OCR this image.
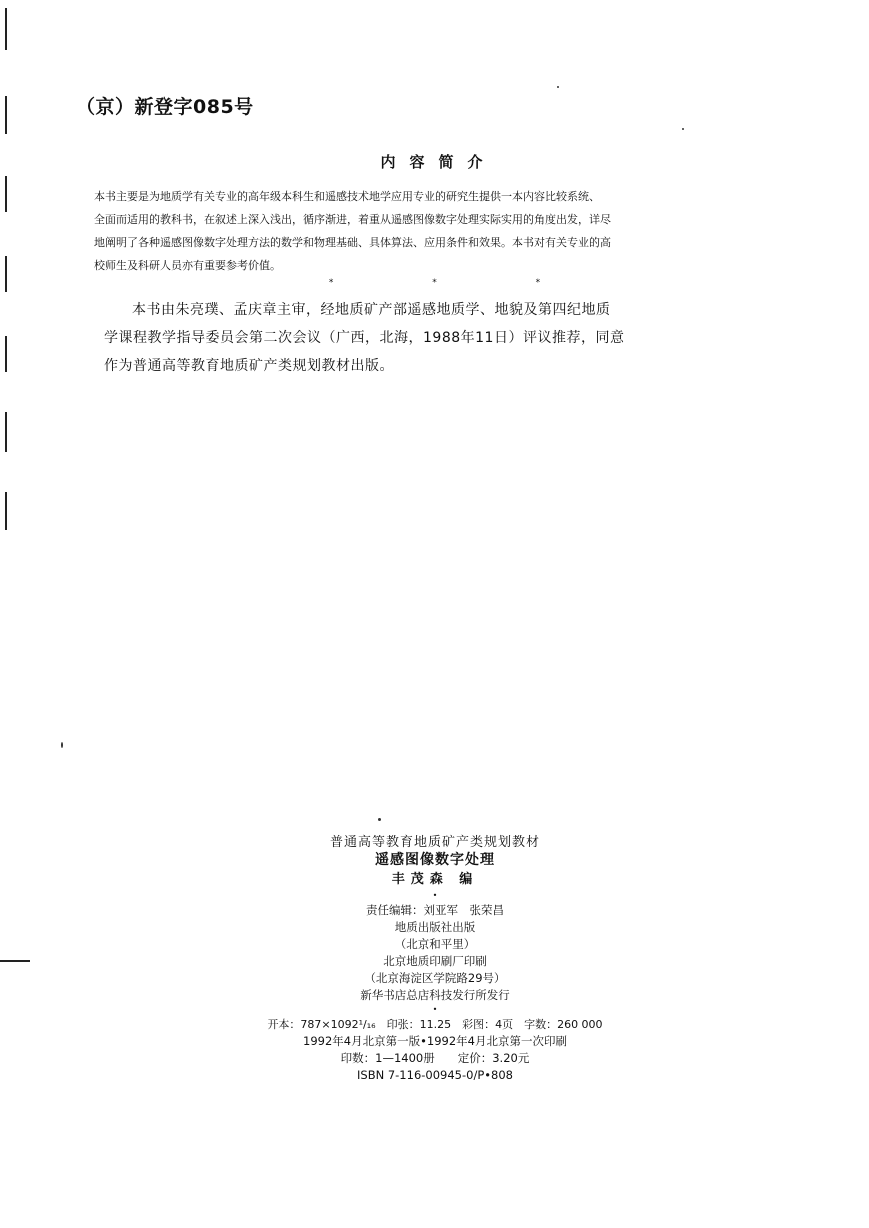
（京）新登字085号
内容简介
本书主要是为地质学有关专业的高年级本科生和遥感技术地学应用专业的研究生提供一本内容比较系统、
全面而适用的教科书，在叙述上深入浅出，循序渐进，着重从遥感图像数字处理实际实用的角度出发，详尽
地阐明了各种遥感图像数字处理方法的数学和物理基础、具体算法、应用条件和效果。本书对有关专业的高
校师生及科研人员亦有重要参考价值。
* * *
本书由朱亮璞、孟庆章主审，经地质矿产部遥感地质学、地貌及第四纪地质
学课程教学指导委员会第二次会议（广西，北海，1988年11日）评议推荐，同意
作为普通高等教育地质矿产类规划教材出版。
普通高等教育地质矿产类规划教材
遥感图像数字处理
丰茂森 编
•
责任编辑：刘亚军　张荣昌
地质出版社出版
（北京和平里）
北京地质印刷厂印刷
（北京海淀区学院路29号）
新华书店总店科技发行所发行
•
开本：787×1092¹/₁₆　印张：11.25　彩图：4页　字数：260 000
1992年4月北京第一版•1992年4月北京第一次印刷
印数：1—1400册　　定价：3.20元
ISBN 7-116-00945-0/P•808
